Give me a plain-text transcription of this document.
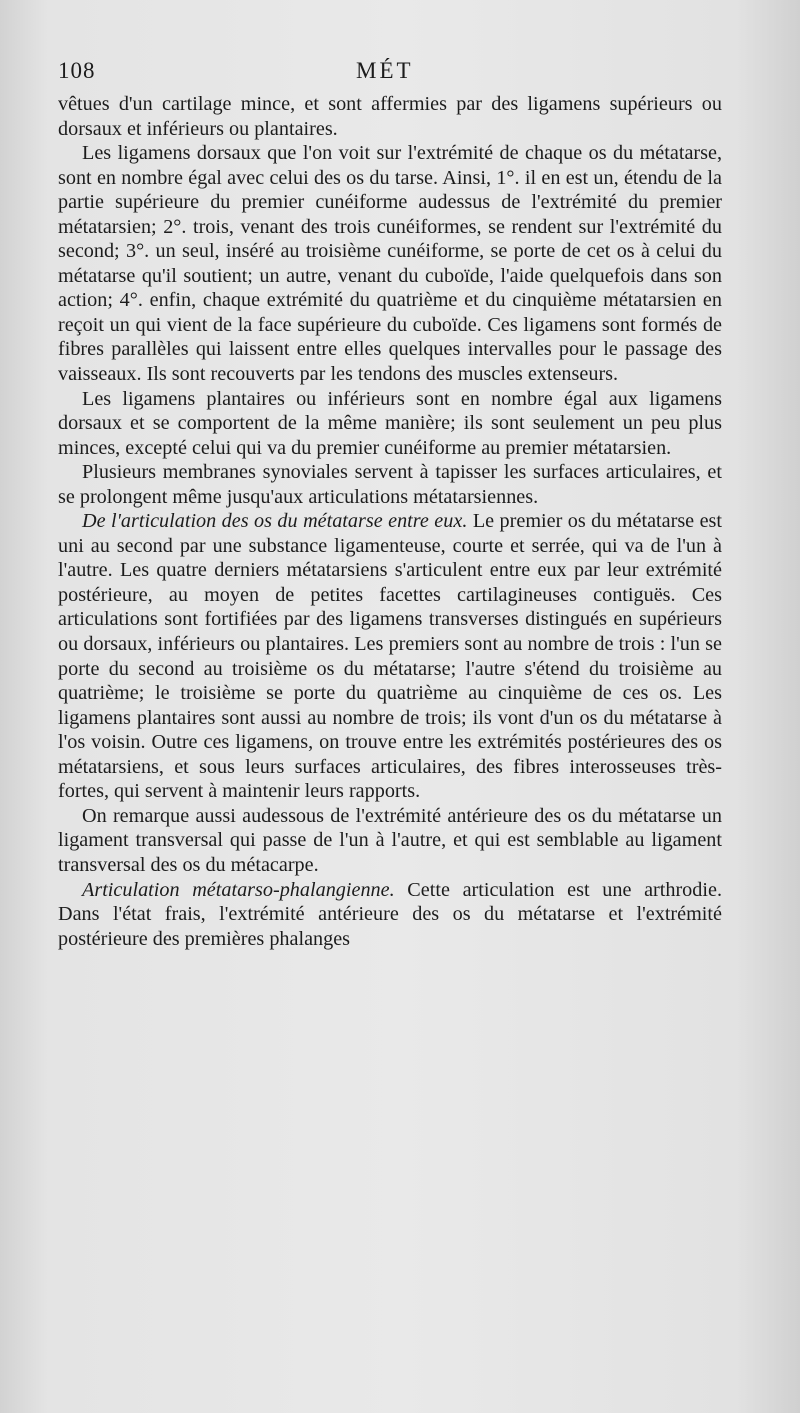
108	MÉT

vêtues d'un cartilage mince, et sont affermies par des ligamens supérieurs ou dorsaux et inférieurs ou plantaires.

Les ligamens dorsaux que l'on voit sur l'extrémité de chaque os du métatarse, sont en nombre égal avec celui des os du tarse. Ainsi, 1°. il en est un, étendu de la partie supérieure du premier cunéiforme audessus de l'extrémité du premier métatarsien; 2°. trois, venant des trois cunéiformes, se rendent sur l'extrémité du second; 3°. un seul, inséré au troisième cunéiforme, se porte de cet os à celui du métatarse qu'il soutient; un autre, venant du cuboïde, l'aide quelquefois dans son action; 4°. enfin, chaque extrémité du quatrième et du cinquième métatarsien en reçoit un qui vient de la face supérieure du cuboïde. Ces ligamens sont formés de fibres parallèles qui laissent entre elles quelques intervalles pour le passage des vaisseaux. Ils sont recouverts par les tendons des muscles extenseurs.

Les ligamens plantaires ou inférieurs sont en nombre égal aux ligamens dorsaux et se comportent de la même manière; ils sont seulement un peu plus minces, excepté celui qui va du premier cunéiforme au premier métatarsien.

Plusieurs membranes synoviales servent à tapisser les surfaces articulaires, et se prolongent même jusqu'aux articulations métatarsiennes.

De l'articulation des os du métatarse entre eux. Le premier os du métatarse est uni au second par une substance ligamenteuse, courte et serrée, qui va de l'un à l'autre. Les quatre derniers métatarsiens s'articulent entre eux par leur extrémité postérieure, au moyen de petites facettes cartilagineuses contiguës. Ces articulations sont fortifiées par des ligamens transverses distingués en supérieurs ou dorsaux, inférieurs ou plantaires. Les premiers sont au nombre de trois : l'un se porte du second au troisième os du métatarse; l'autre s'étend du troisième au quatrième; le troisième se porte du quatrième au cinquième de ces os. Les ligamens plantaires sont aussi au nombre de trois; ils vont d'un os du métatarse à l'os voisin. Outre ces ligamens, on trouve entre les extrémités postérieures des os métatarsiens, et sous leurs surfaces articulaires, des fibres interosseuses très-fortes, qui servent à maintenir leurs rapports.

On remarque aussi audessous de l'extrémité antérieure des os du métatarse un ligament transversal qui passe de l'un à l'autre, et qui est semblable au ligament transversal des os du métacarpe.

Articulation métatarso-phalangienne. Cette articulation est une arthrodie. Dans l'état frais, l'extrémité antérieure des os du métatarse et l'extrémité postérieure des premières phalanges
